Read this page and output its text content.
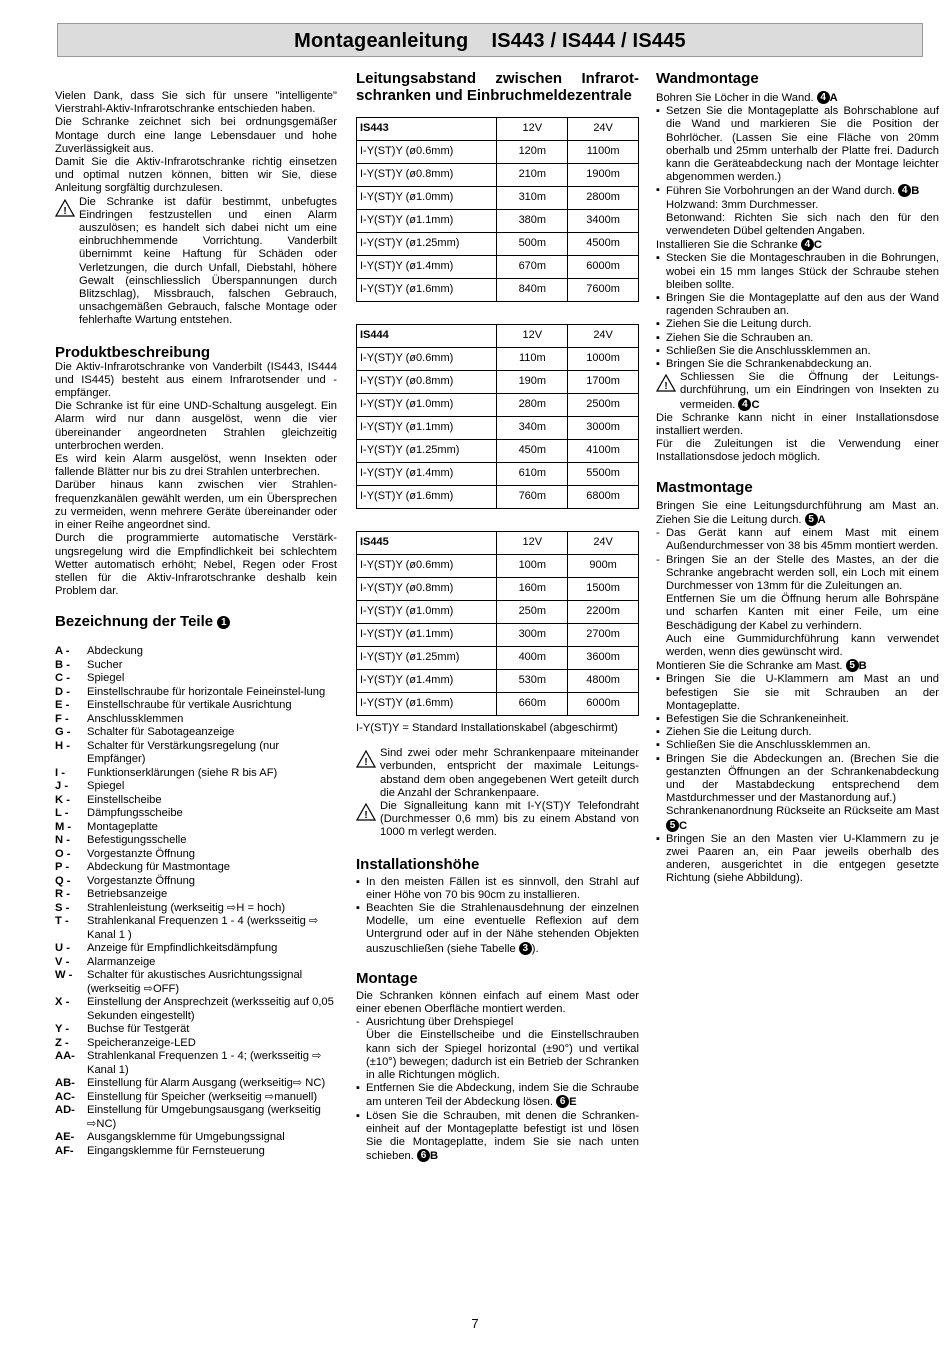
Montageanleitung    IS443 / IS444 / IS445

Vielen Dank, dass Sie sich für unsere "intelligente" Vierstrahl-Aktiv-Infrarotschranke entschieden haben.

Die Schranke zeichnet sich bei ordnungsgemäßer Montage durch eine lange Lebensdauer und hohe Zuverlässigkeit aus.

Damit Sie die Aktiv-Infrarotschranke richtig einsetzen und optimal nutzen können, bitten wir Sie, diese Anleitung sorgfältig durchzulesen.

!

Die Schranke ist dafür bestimmt, unbefugtes Eindringen festzustellen und einen Alarm auszulösen; es handelt sich dabei nicht um eine einbruchhemmende Vorrichtung. Vanderbilt übernimmt keine Haftung für Schäden oder Verletzungen, die durch Unfall, Diebstahl, höhere Gewalt (einschliesslich Überspannungen durch Blitzschlag), Missbrauch, falschen Gebrauch, unsachgemäßen Gebrauch, falsche Montage oder fehlerhafte Wartung entstehen.

Produktbeschreibung

Die Aktiv-Infrarotschranke von Vanderbilt (IS443, IS444 und IS445) besteht aus einem Infrarotsender und -empfänger.

Die Schranke ist für eine UND-Schaltung ausgelegt. Ein Alarm wird nur dann ausgelöst, wenn die vier übereinander angeordneten Strahlen gleichzeitig unterbrochen werden.

Es wird kein Alarm ausgelöst, wenn Insekten oder fallende Blätter nur bis zu drei Strahlen unterbrechen.

Darüber hinaus kann zwischen vier Strahlen-frequenzkanälen gewählt werden, um ein Übersprechen zu vermeiden, wenn mehrere Geräte übereinander oder in einer Reihe angeordnet sind.

Durch die programmierte automatische Verstärk-ungsregelung wird die Empfindlichkeit bei schlechtem Wetter automatisch erhöht; Nebel, Regen oder Frost stellen für die Aktiv-Infrarotschranke deshalb kein Problem dar.

Bezeichnung der Teile 1
A - Abdeckung
B - Sucher
C - Spiegel
D - Einstellschraube für horizontale Feineinstel-lung
E - Einstellschraube für vertikale Ausrichtung
F - Anschlussklemmen
G - Schalter für Sabotageanzeige
H - Schalter für Verstärkungsregelung (nur Empfänger)
I - Funktionserklärungen (siehe R bis AF)
J - Spiegel
K - Einstellscheibe
L - Dämpfungsscheibe
M - Montageplatte
N - Befestigungsschelle
O - Vorgestanzte Öffnung
P - Abdeckung für Mastmontage
Q - Vorgestanzte Öffnung
R - Betriebsanzeige
S - Strahlenleistung (werkseitig ⇨H = hoch)
T - Strahlenkanal Frequenzen 1 - 4 (werksseitig ⇨ Kanal 1 )
U - Anzeige für Empfindlichkeitsdämpfung
V - Alarmanzeige
W - Schalter für akustisches Ausrichtungssignal (werkseitig ⇨OFF)
X - Einstellung der Ansprechzeit (werksseitig auf 0,05 Sekunden eingestellt)
Y - Buchse für Testgerät
Z - Speicheranzeige-LED
AA- Strahlenkanal Frequenzen 1 - 4; (werksseitig ⇨ Kanal 1)
AB- Einstellung für Alarm Ausgang (werkseitig⇨ NC)
AC- Einstellung für Speicher (werkseitig ⇨manuell)
AD- Einstellung für Umgebungsausgang (werkseitig ⇨NC)
AE- Ausgangsklemme für Umgebungssignal
AF- Eingangsklemme für Fernsteuerung
Leitungsabstand zwischen Infrarot-schranken und Einbruchmeldezentrale
IS443	12V	24V
I-Y(ST)Y (ø0.6mm)	120m	1100m
I-Y(ST)Y (ø0.8mm)	210m	1900m
I-Y(ST)Y (ø1.0mm)	310m	2800m
I-Y(ST)Y (ø1.1mm)	380m	3400m
I-Y(ST)Y (ø1.25mm)	500m	4500m
I-Y(ST)Y (ø1.4mm)	670m	6000m
I-Y(ST)Y (ø1.6mm)	840m	7600m
IS444	12V	24V
I-Y(ST)Y (ø0.6mm)	110m	1000m
I-Y(ST)Y (ø0.8mm)	190m	1700m
I-Y(ST)Y (ø1.0mm)	280m	2500m
I-Y(ST)Y (ø1.1mm)	340m	3000m
I-Y(ST)Y (ø1.25mm)	450m	4100m
I-Y(ST)Y (ø1.4mm)	610m	5500m
I-Y(ST)Y (ø1.6mm)	760m	6800m
IS445	12V	24V
I-Y(ST)Y (ø0.6mm)	100m	900m
I-Y(ST)Y (ø0.8mm)	160m	1500m
I-Y(ST)Y (ø1.0mm)	250m	2200m
I-Y(ST)Y (ø1.1mm)	300m	2700m
I-Y(ST)Y (ø1.25mm)	400m	3600m
I-Y(ST)Y (ø1.4mm)	530m	4800m
I-Y(ST)Y (ø1.6mm)	660m	6000m

I-Y(ST)Y = Standard Installationskabel (abgeschirmt)

!

Sind zwei oder mehr Schrankenpaare miteinander verbunden, entspricht der maximale Leitungs-abstand dem oben angegebenen Wert geteilt durch die Anzahl der Schrankenpaare.

!

Die Signalleitung kann mit I-Y(ST)Y Telefondraht (Durchmesser 0,6 mm) bis zu einem Abstand von 1000 m verlegt werden.

Installationshöhe
▪ In den meisten Fällen ist es sinnvoll, den Strahl auf einer Höhe von 70 bis 90cm zu installieren.
▪ Beachten Sie die Strahlenausdehnung der einzelnen Modelle, um eine eventuelle Reflexion auf dem Untergrund oder auf in der Nähe stehenden Objekten auszuschließen (siehe Tabelle 3 ).
Montage

Die Schranken können einfach auf einem Mast oder einer ebenen Oberfläche montiert werden.

- Ausrichtung über Drehspiegel

Über die Einstellscheibe und die Einstellschrauben kann sich der Spiegel horizontal (±90°) und vertikal (±10°) bewegen; dadurch ist ein Betrieb der Schranken in alle Richtungen möglich.
▪ Entfernen Sie die Abdeckung, indem Sie die Schraube am unteren Teil der Abdeckung lösen. 6 E
▪ Lösen Sie die Schrauben, mit denen die Schranken-einheit auf der Montageplatte befestigt ist und lösen Sie die Montageplatte, indem Sie sie nach unten schieben. 6 B
Wandmontage

Bohren Sie Löcher in die Wand. 4 A

▪ Setzen Sie die Montageplatte als Bohrschablone auf die Wand und markieren Sie die Position der Bohrlöcher. (Lassen Sie eine Fläche von 20mm oberhalb und 25mm unterhalb der Platte frei. Dadurch kann die Geräteabdeckung nach der Montage leichter abgenommen werden.)
▪ Führen Sie Vorbohrungen an der Wand durch. 4 B
Holzwand: 3mm Durchmesser.

Betonwand: Richten Sie sich nach den für den verwendeten Dübel geltenden Angaben.

Installieren Sie die Schranke 4 C

▪ Stecken Sie die Montageschrauben in die Bohrungen, wobei ein 15 mm langes Stück der Schraube stehen bleiben sollte.
▪ Bringen Sie die Montageplatte auf den aus der Wand ragenden Schrauben an.
▪ Ziehen Sie die Leitung durch.
▪ Ziehen Sie die Schrauben an.
▪ Schließen Sie die Anschlussklemmen an.
▪ Bringen Sie die Schrankenabdeckung an.
!

Schliessen Sie die Öffnung der Leitungs-durchführung, um ein Eindringen von Insekten zu vermeiden. 4 C

Die Schranke kann nicht in einer Installationsdose installiert werden.

Für die Zuleitungen ist die Verwendung einer Installationsdose jedoch möglich.

Mastmontage

Bringen Sie eine Leitungsdurchführung am Mast an. Ziehen Sie die Leitung durch. 5 A

- Das Gerät kann auf einem Mast mit einem Außendurchmesser von 38 bis 45mm montiert werden.
- Bringen Sie an der Stelle des Mastes, an der die Schranke angebracht werden soll, ein Loch mit einem Durchmesser von 13mm für die Zuleitungen an.

Entfernen Sie um die Öffnung herum alle Bohrspäne und scharfen Kanten mit einer Feile, um eine Beschädigung der Kabel zu verhindern.
Auch eine Gummidurchführung kann verwendet werden, wenn dies gewünscht wird.

Montieren Sie die Schranke am Mast. 5 B

▪ Bringen Sie die U-Klammern am Mast an und befestigen Sie sie mit Schrauben an der Montageplatte.
▪ Befestigen Sie die Schrankeneinheit.
▪ Ziehen Sie die Leitung durch.
▪ Schließen Sie die Anschlussklemmen an.
▪ Bringen Sie die Abdeckungen an. (Brechen Sie die gestanzten Öffnungen an der Schrankenabdeckung und der Mastabdeckung entsprechend dem Mastdurchmesser und der Mastanordung auf.)
Schrankenanordnung Rückseite an Rückseite am Mast 5 C
▪ Bringen Sie an den Masten vier U-Klammern zu je zwei Paaren an, ein Paar jeweils oberhalb des anderen, ausgerichtet in die entgegen gesetzte Richtung (siehe Abbildung).
7
